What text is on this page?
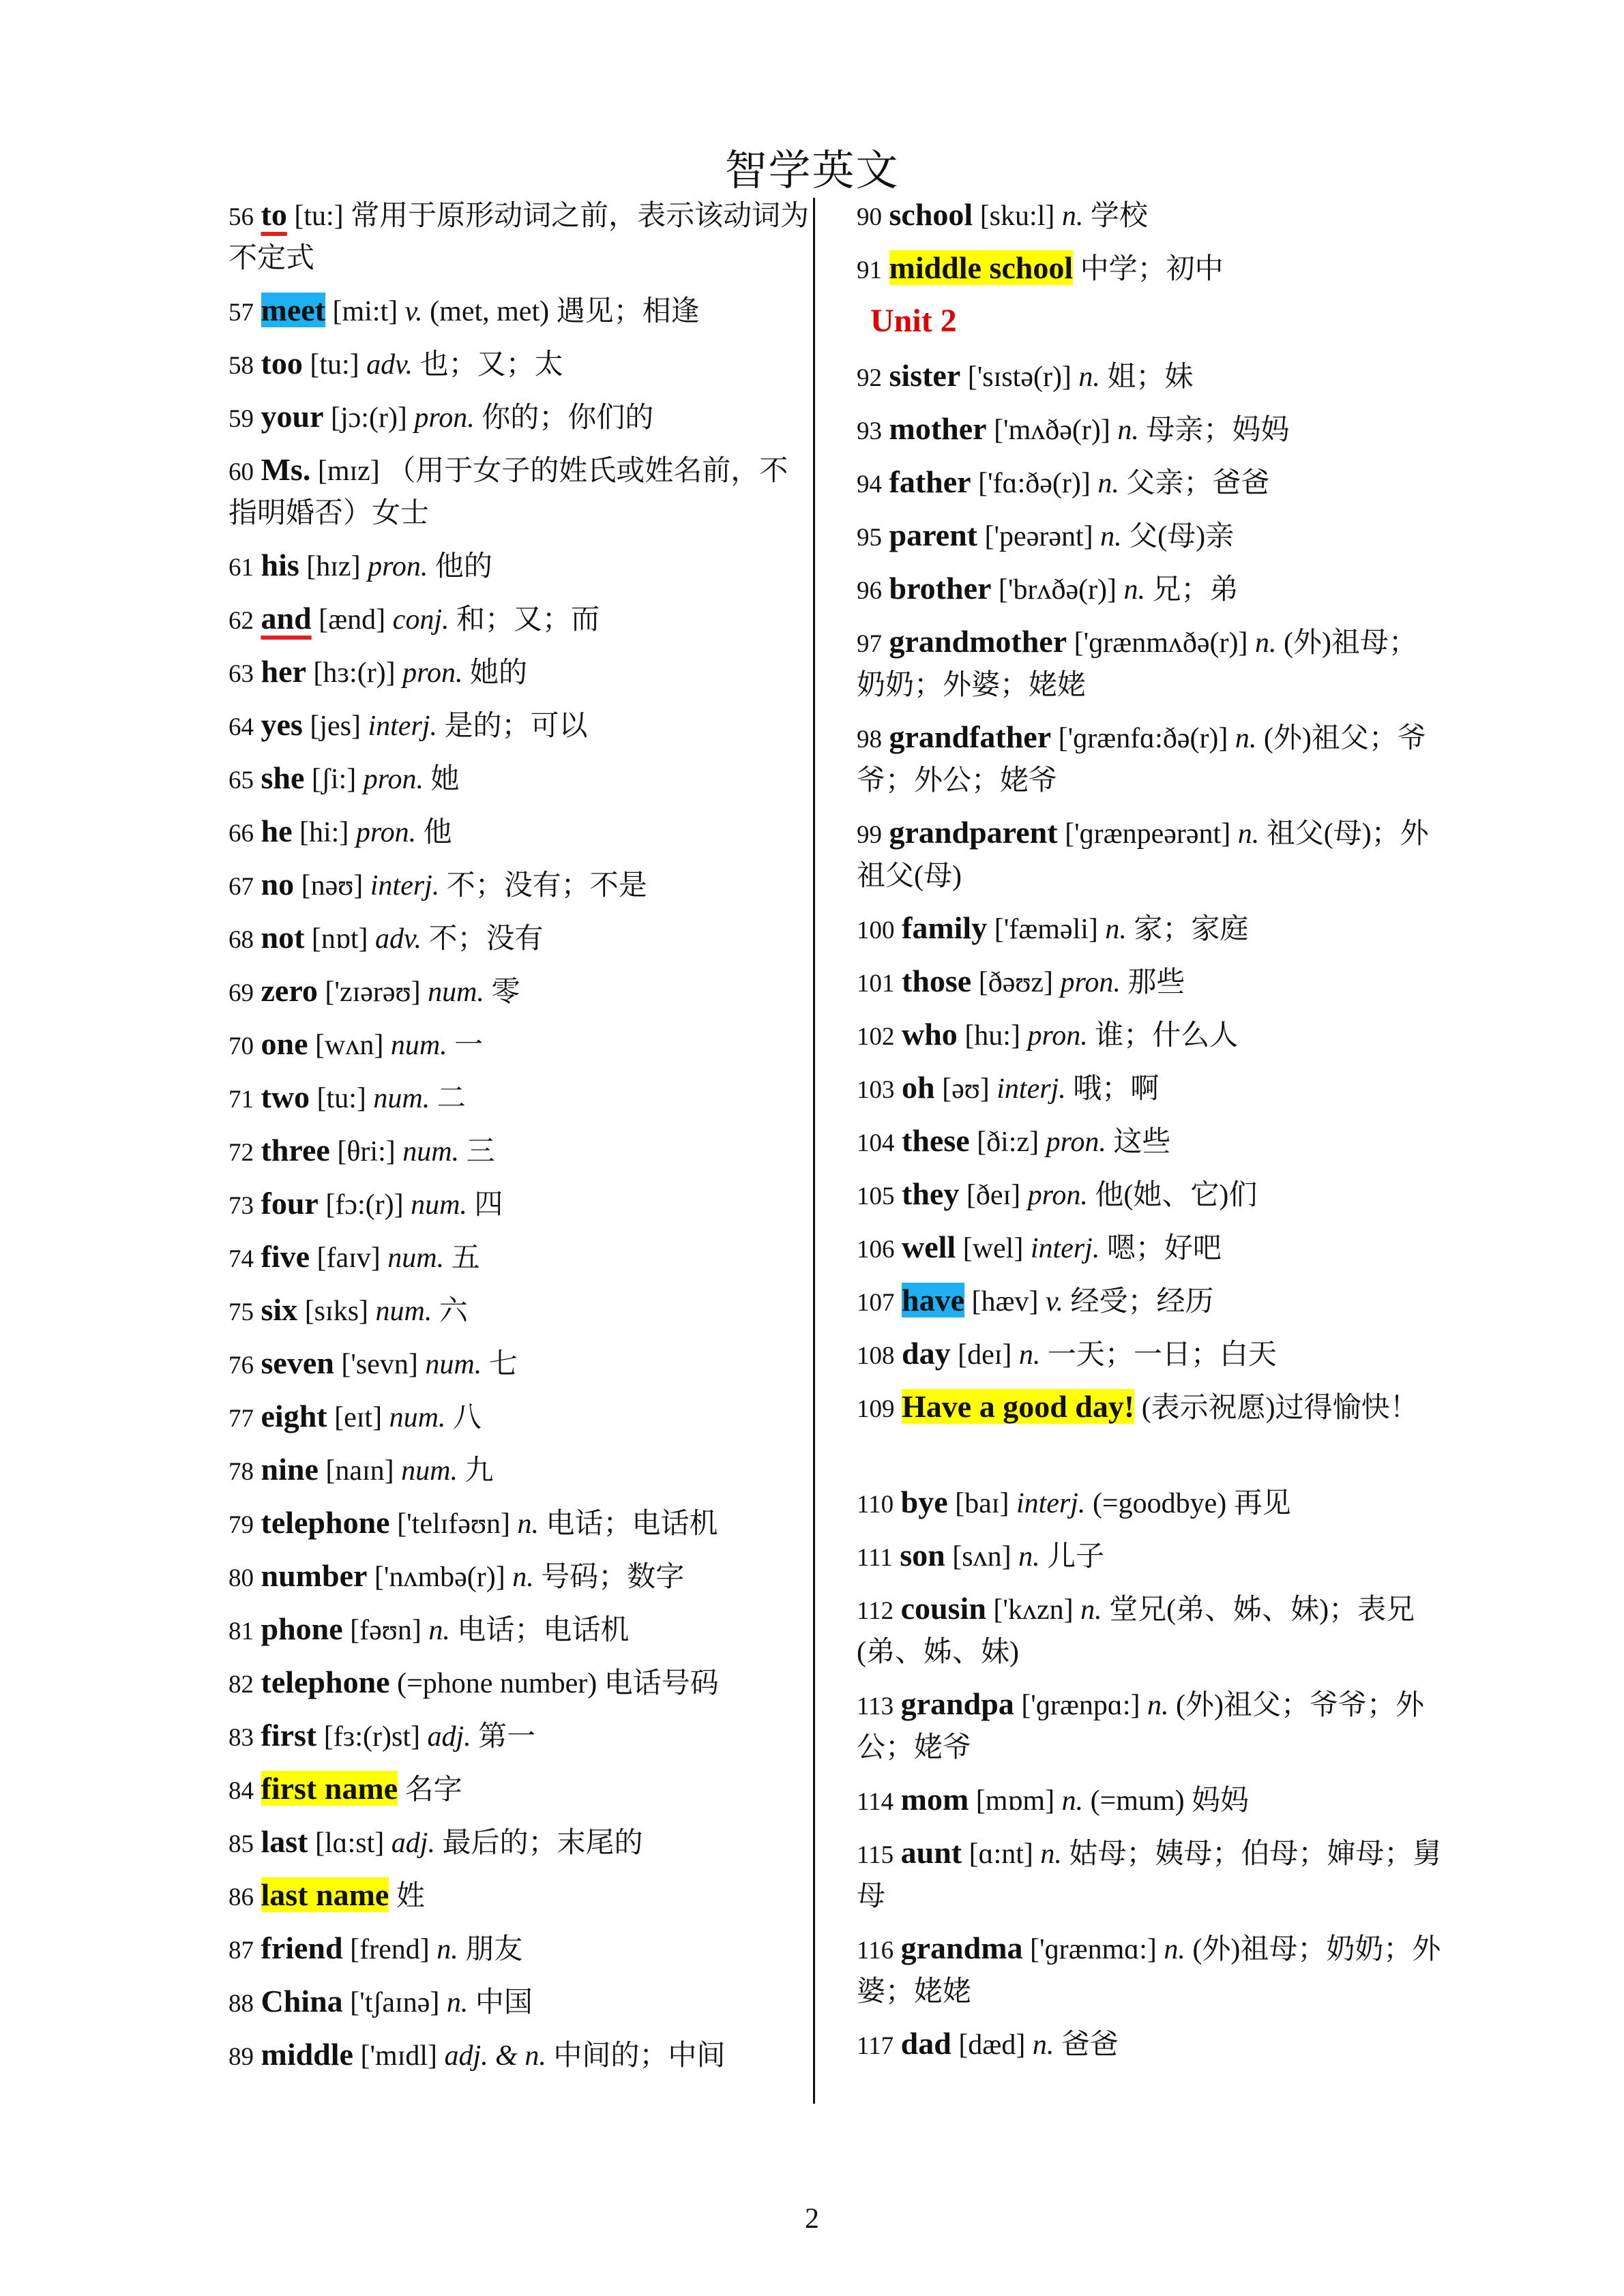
智学英文
56 to [tu:] 常用于原形动词之前，表示该动词为不定式
57 meet [mi:t] v. (met, met) 遇见；相逢
58 too [tu:] adv. 也；又；太
59 your [jɔ:(r)] pron. 你的；你们的
60 Ms. [mɪz] （用于女子的姓氏或姓名前，不指明婚否）女士
61 his [hɪz] pron. 他的
62 and [ænd] conj. 和；又；而
63 her [hɜ:(r)] pron. 她的
64 yes [jes] interj. 是的；可以
65 she [ʃi:] pron. 她
66 he [hi:] pron. 他
67 no [nəʊ] interj. 不；没有；不是
68 not [nɒt] adv. 不；没有
69 zero ['zɪərəʊ] num. 零
70 one [wʌn] num. 一
71 two [tu:] num. 二
72 three [θri:] num. 三
73 four [fɔ:(r)] num. 四
74 five [faɪv] num. 五
75 six [sɪks] num. 六
76 seven ['sevn] num. 七
77 eight [eɪt] num. 八
78 nine [naɪn] num. 九
79 telephone ['telɪfəʊn] n. 电话；电话机
80 number ['nʌmbə(r)] n. 号码；数字
81 phone [fəʊn] n. 电话；电话机
82 telephone (=phone number) 电话号码
83 first [fɜ:(r)st] adj. 第一
84 first name 名字
85 last [lɑ:st] adj. 最后的；末尾的
86 last name 姓
87 friend [frend] n. 朋友
88 China ['tʃaɪnə] n. 中国
89 middle ['mɪdl] adj. & n. 中间的；中间
Unit 2
90 school [sku:l] n. 学校
91 middle school 中学；初中
92 sister ['sɪstə(r)] n. 姐；妹
93 mother ['mʌðə(r)] n. 母亲；妈妈
94 father ['fɑ:ðə(r)] n. 父亲；爸爸
95 parent ['peərənt] n. 父(母)亲
96 brother ['brʌðə(r)] n. 兄；弟
97 grandmother ['ɡrænmʌðə(r)] n. (外)祖母；奶奶；外婆；姥姥
98 grandfather ['ɡrænfɑ:ðə(r)] n. (外)祖父；爷爷；外公；姥爷
99 grandparent ['ɡrænpeərənt] n. 祖父(母)；外祖父(母)
100 family ['fæməli] n. 家；家庭
101 those [ðəʊz] pron. 那些
102 who [hu:] pron. 谁；什么人
103 oh [əʊ] interj. 哦；啊
104 these [ði:z] pron. 这些
105 they [ðeɪ] pron. 他(她、它)们
106 well [wel] interj. 嗯；好吧
107 have [hæv] v. 经受；经历
108 day [deɪ] n. 一天；一日；白天
109 Have a good day! (表示祝愿)过得愉快！
110 bye [baɪ] interj. (=goodbye) 再见
111 son [sʌn] n. 儿子
112 cousin ['kʌzn] n. 堂兄(弟、姊、妹)；表兄(弟、姊、妹)
113 grandpa ['ɡrænpɑ:] n. (外)祖父；爷爷；外公；姥爷
114 mom [mɒm] n. (=mum) 妈妈
115 aunt [ɑ:nt] n. 姑母；姨母；伯母；婶母；舅母
116 grandma ['ɡrænmɑ:] n. (外)祖母；奶奶；外婆；姥姥
117 dad [dæd] n. 爸爸
2
